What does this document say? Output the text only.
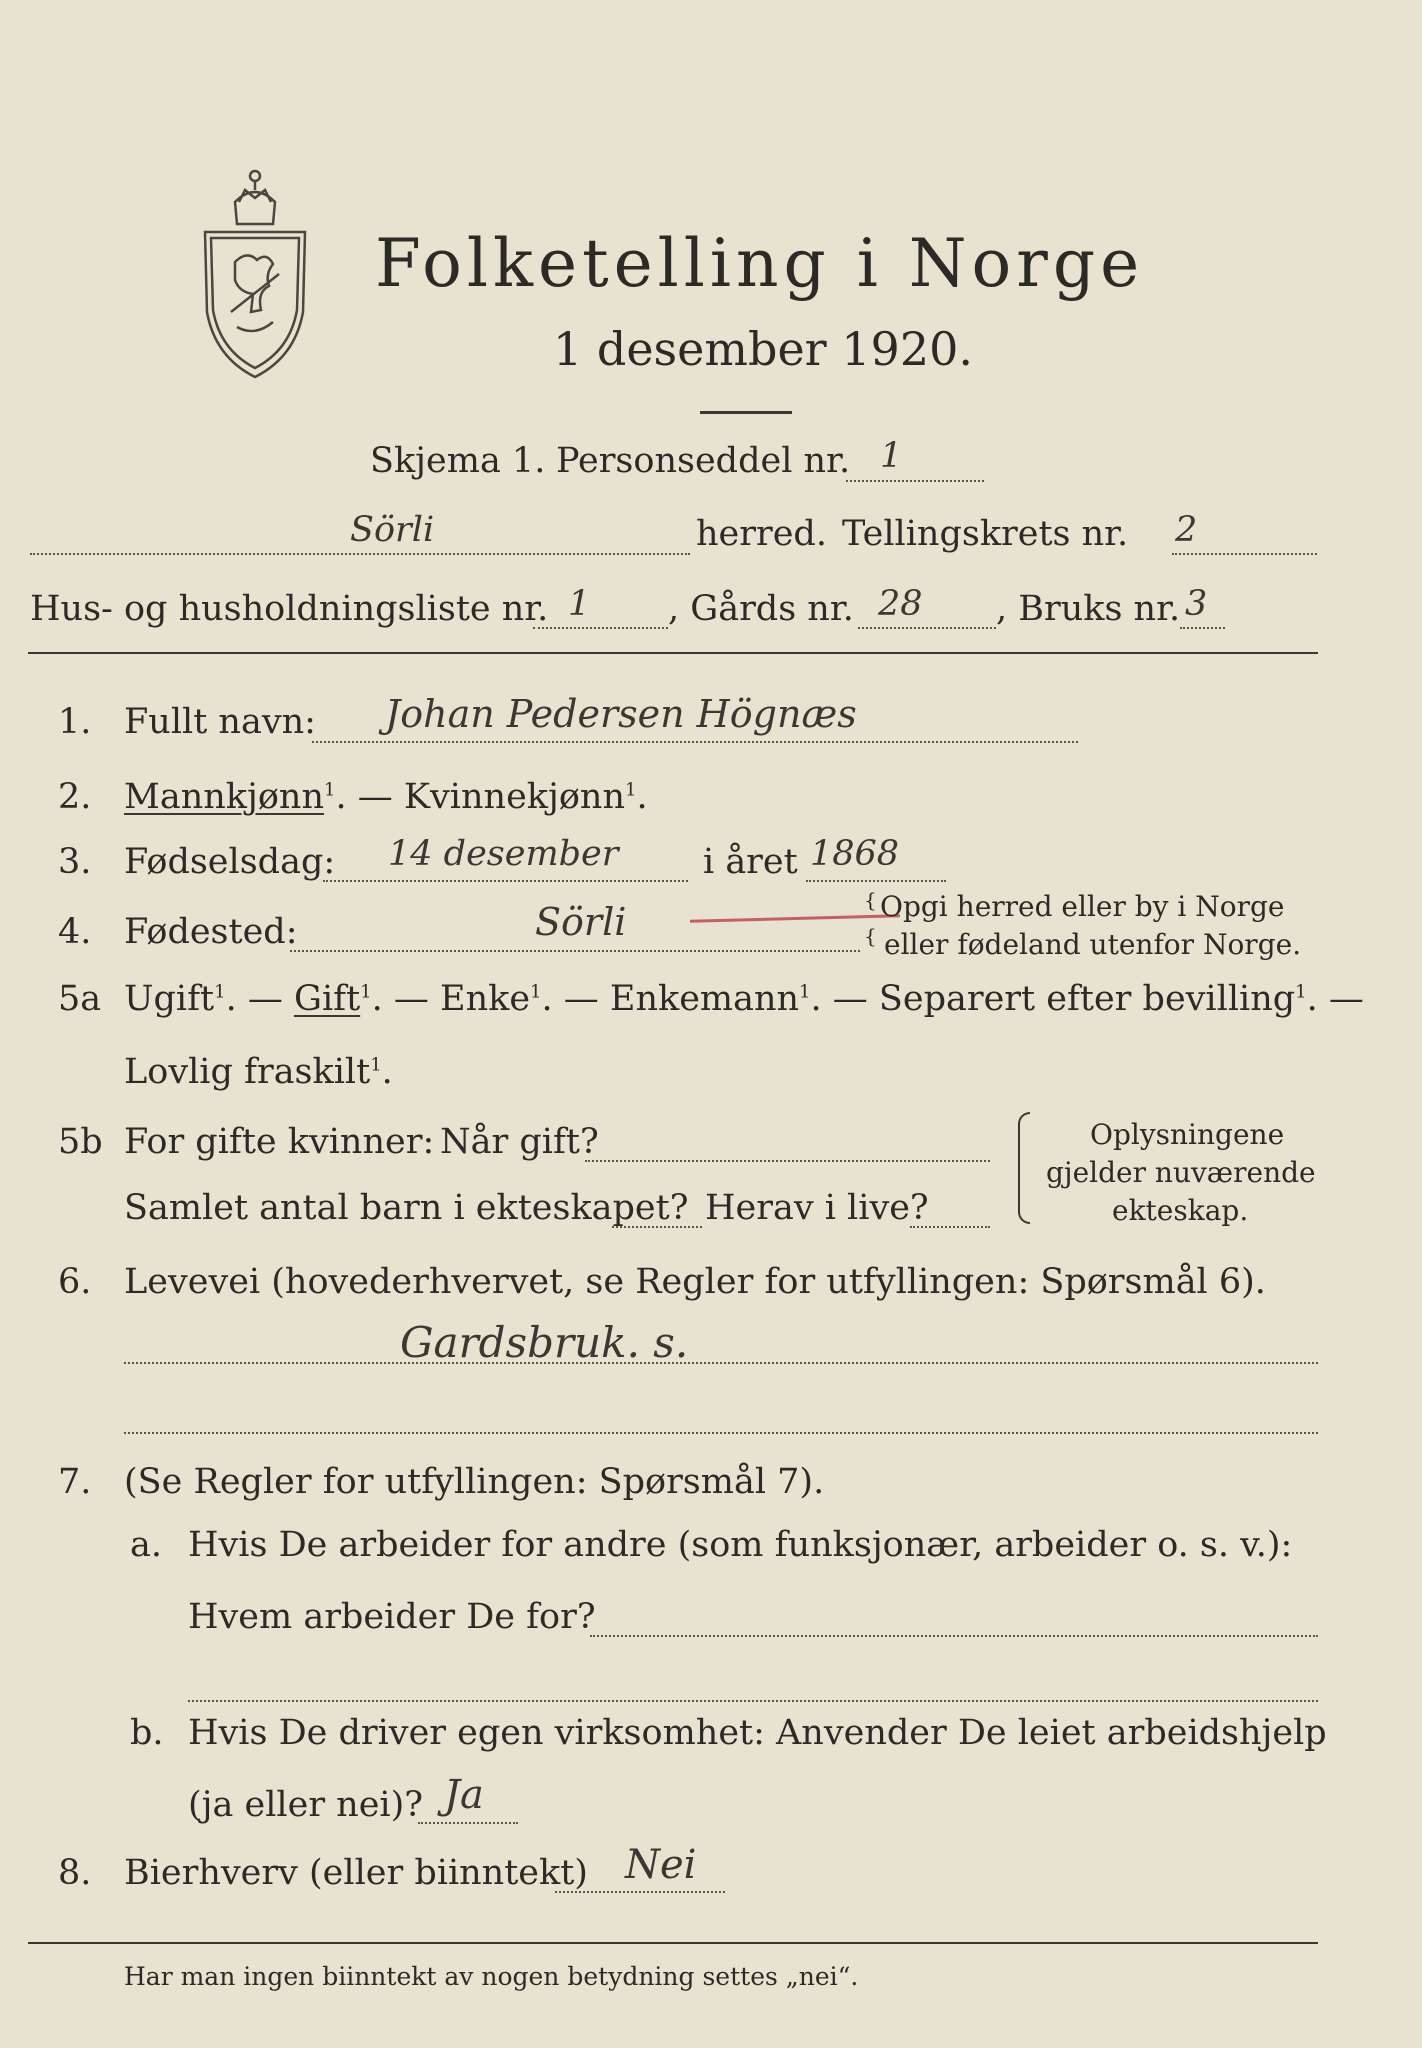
Folketelling i Norge
1 desember 1920.
Skjema 1. Personseddel nr. 1
Sörli	herred. Tellingskrets nr. 2
Hus- og husholdningsliste nr. 1 , Gårds nr. 28 , Bruks nr. 3
1. Fullt navn: Johan Pedersen Högnæs
2. Mannkjønn$^1$. — Kvinnekjønn$^1$.
3. Fødselsdag: 14 desember i året 1868
4. Fødested:	Sörli	{
{
Opgi herred eller by i Norge
eller fødeland utenfor Norge.
5a Ugift$^1$. — Gift$^1$. — Enke$^1$. — Enkemann$^1$. — Separert efter bevilling$^1$. —
Lovlig fraskilt$^1$.
5b For gifte kvinner: Når gift?
Samlet antal barn i ekteskapet? Herav i live?
Oplysningene
gjelder nuværende
ekteskap.
6. Levevei (hovederhvervet, se Regler for utfyllingen: Spørsmål 6).
Gardsbruk. s.
7. (Se Regler for utfyllingen: Spørsmål 7).
a. Hvis De arbeider for andre (som funksjonær, arbeider o. s. v.):
Hvem arbeider De for?
b. Hvis De driver egen virksomhet: Anvender De leiet arbeidshjelp
(ja eller nei)? Ja
8. Bierhverv (eller biinntekt) Nei
Har man ingen biinntekt av nogen betydning settes „nei“.
